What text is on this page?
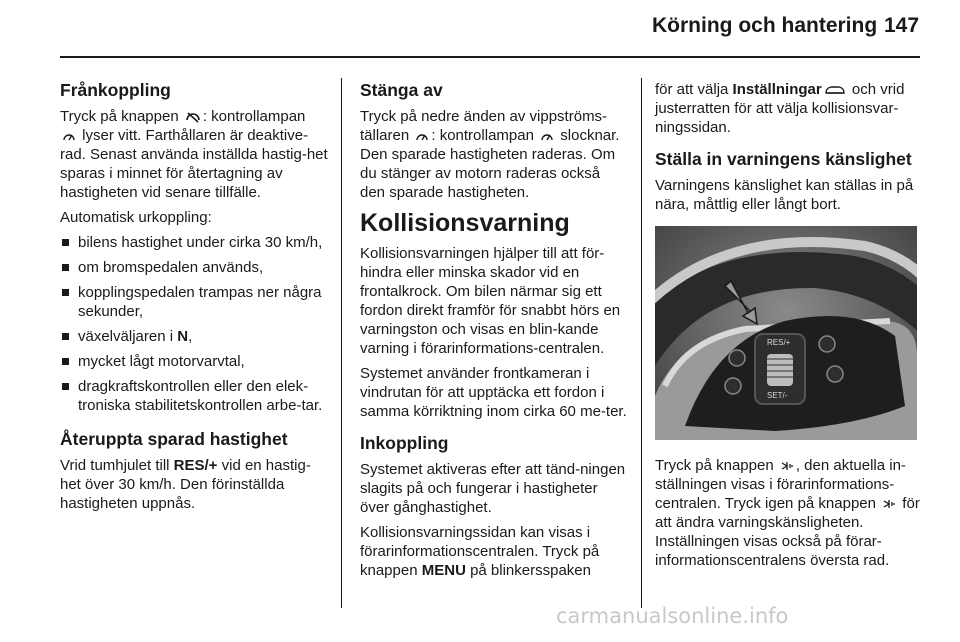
Körning och hantering 147

Frånkoppling

Tryck på knappen
: kontrollampan

lyser vitt. Farthållaren är deaktive-rad. Senast använda inställda hastig-het sparas i minnet för återtagning av hastigheten vid senare tillfälle.

Automatisk urkoppling:

bilens hastighet under cirka 30 km/h,

om bromspedalen används,

kopplingspedalen trampas ner några sekunder,

växelväljaren i N,

mycket lågt motorvarvtal,

dragkraftskontrollen eller den elek-troniska stabilitetskontrollen arbe-tar.

Återuppta sparad hastighet

Vrid tumhjulet till RES/+ vid en hastig-het över 30 km/h. Den förinställda hastigheten uppnås.

Stänga av

Tryck på nedre änden av vippströms-tällaren
: kontrollampan
slocknar. Den sparade hastigheten raderas. Om du stänger av motorn raderas också den sparade hastigheten.

Kollisionsvarning

Kollisionsvarningen hjälper till att för-hindra eller minska skador vid en frontalkrock. Om bilen närmar sig ett fordon direkt framför för snabbt hörs en varningston och visas en blin-kande varning i förarinformations-centralen.

Systemet använder frontkameran i vindrutan för att upptäcka ett fordon i samma körriktning inom cirka 60 me-ter.

Inkoppling

Systemet aktiveras efter att tänd-ningen slagits på och fungerar i hastigheter över gånghastighet.

Kollisionsvarningssidan kan visas i förarinformationscentralen. Tryck på knappen MENU på blinkersspaken

för att välja Inställningar
och vrid justerratten för att välja kollisionsvar-ningssidan.

Ställa in varningens känslighet

Varningens känslighet kan ställas in på nära, måttlig eller långt bort.

RES/+
SET/-

Tryck på knappen
, den aktuella in-ställningen visas i förarinformations-centralen. Tryck igen på knappen
för att ändra varningskänsligheten. Inställningen visas också på förar-informationscentralens översta rad.

carmanualsonline.info
